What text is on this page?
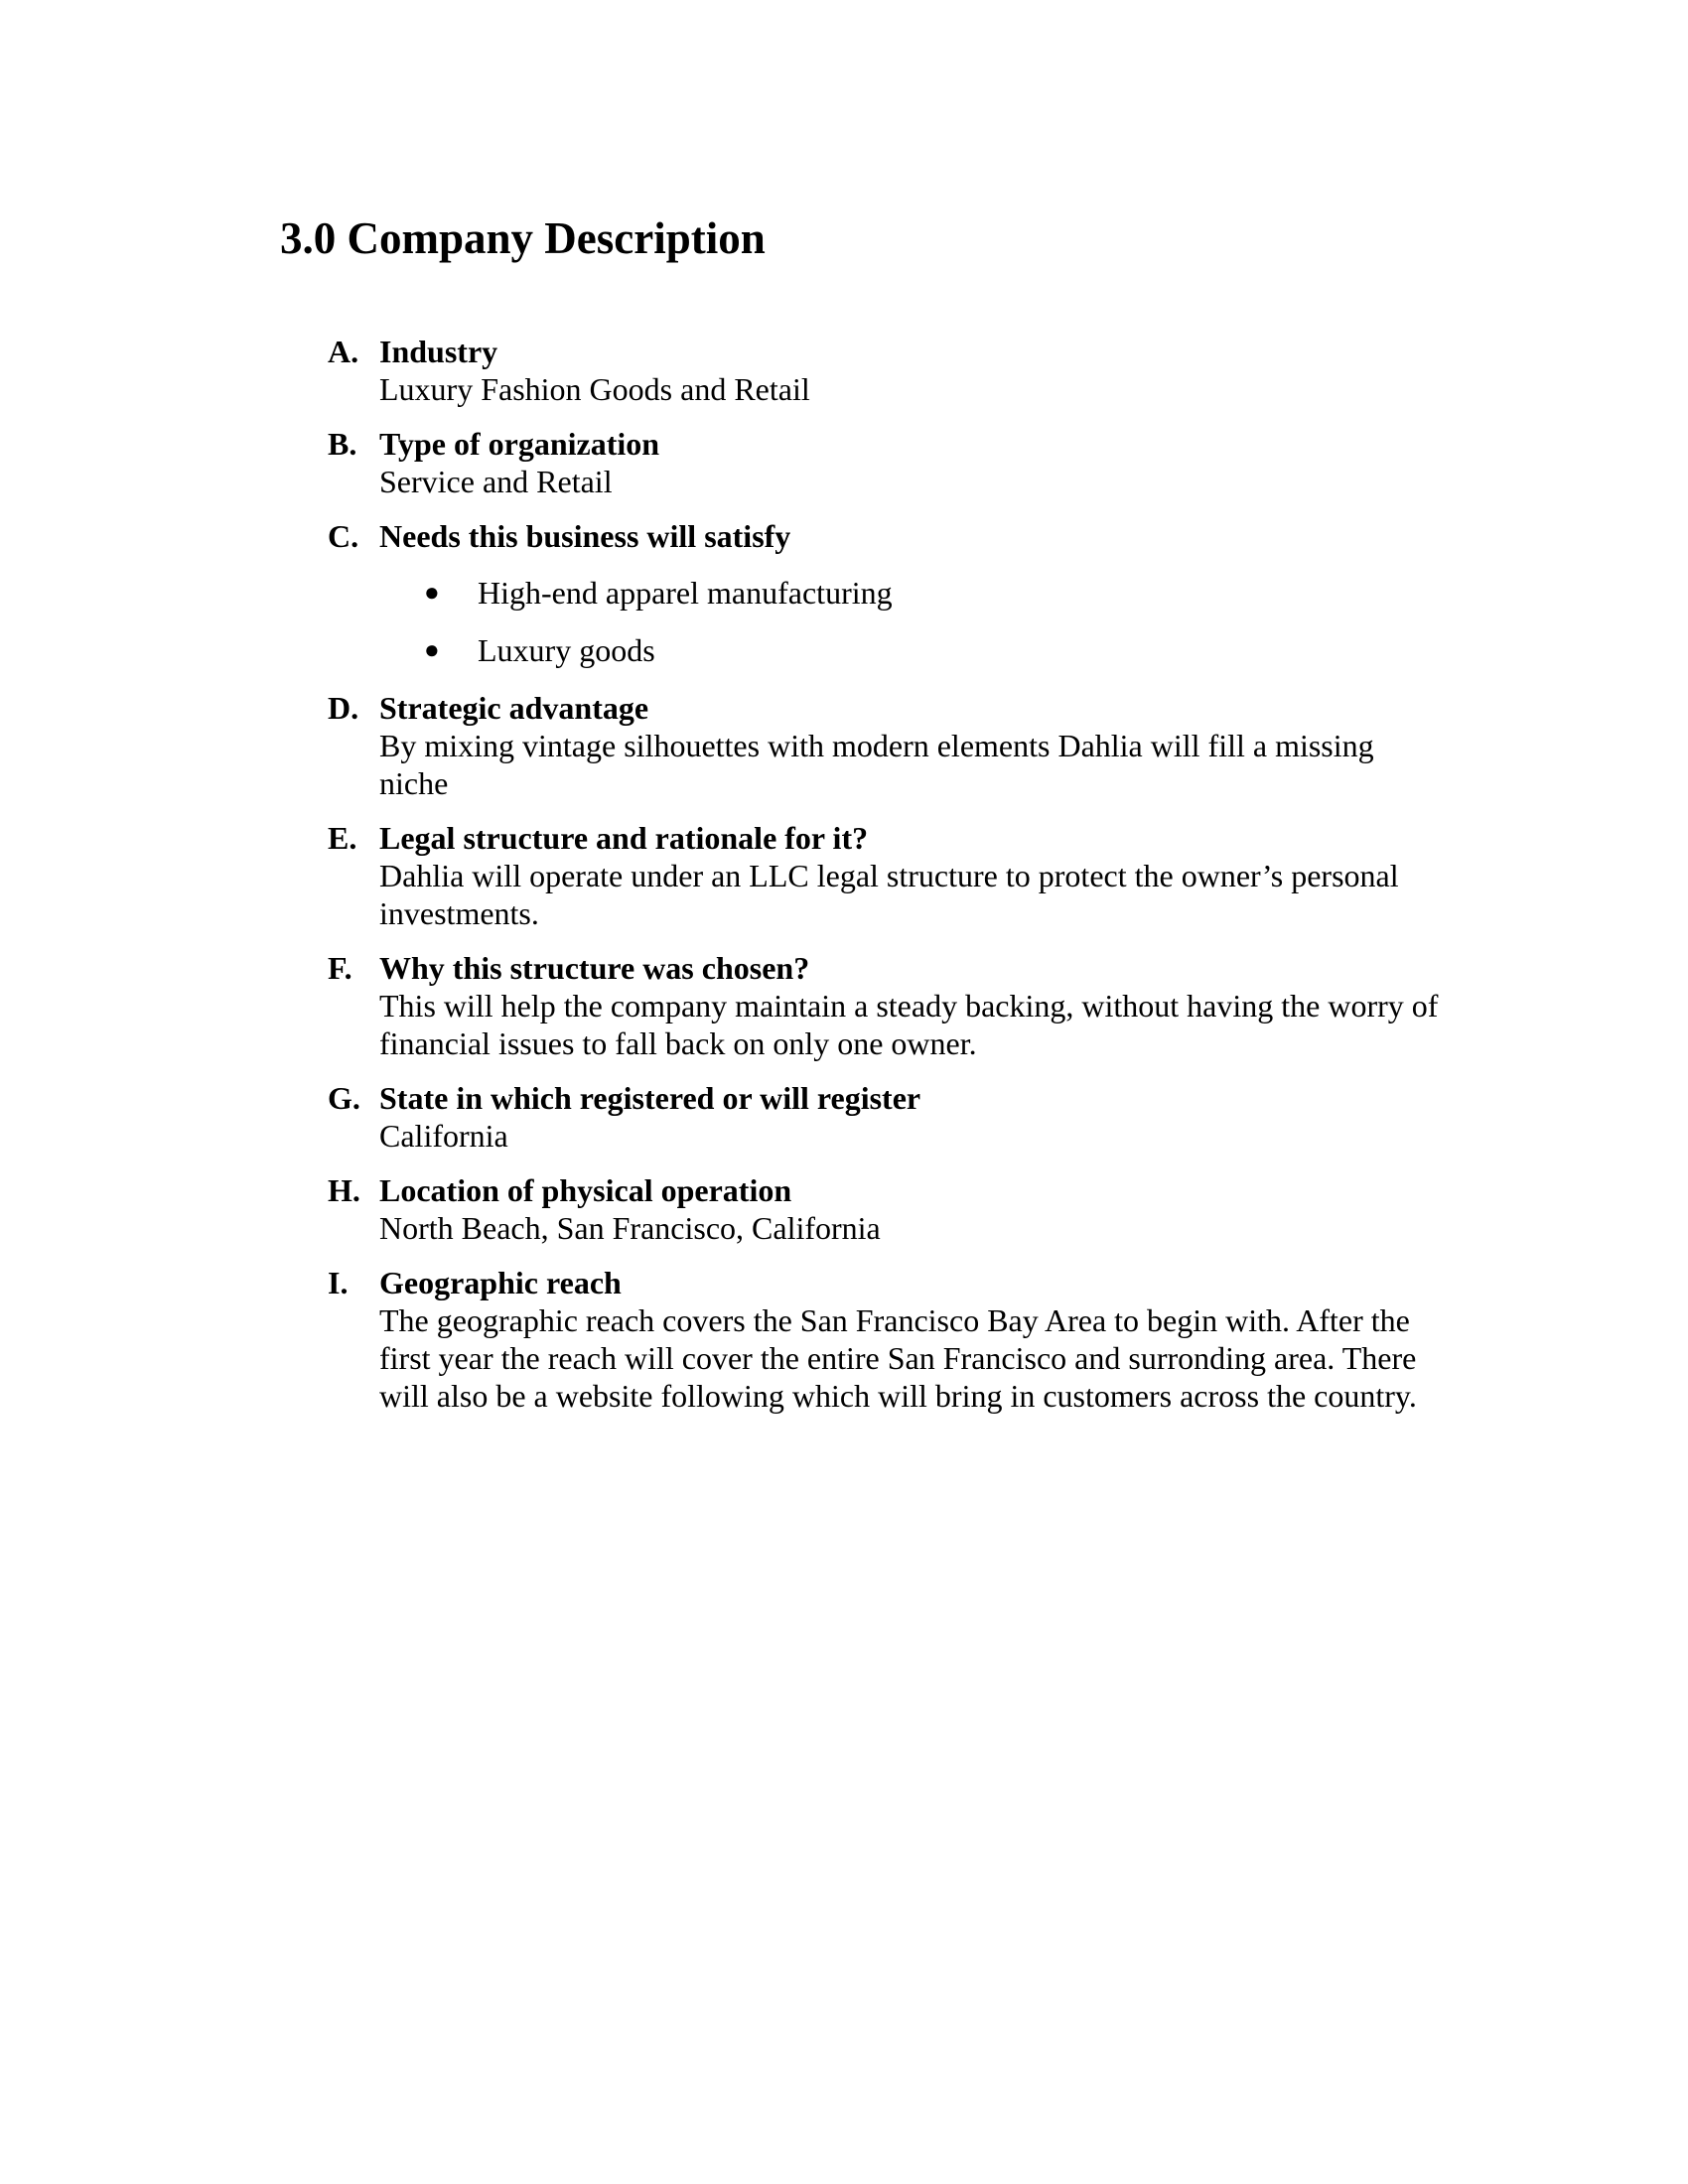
3.0 Company Description
A. Industry
Luxury Fashion Goods and Retail
B. Type of organization
Service and Retail
C. Needs this business will satisfy
● High-end apparel manufacturing
● Luxury goods
D. Strategic advantage
By mixing vintage silhouettes with modern elements Dahlia will fill a missing niche
E. Legal structure and rationale for it?
Dahlia will operate under an LLC legal structure to protect the owner’s personal investments.
F. Why this structure was chosen?
This will help the company maintain a steady backing, without having the worry of financial issues to fall back on only one owner.
G. State in which registered or will register
California
H. Location of physical operation
North Beach, San Francisco, California
I. Geographic reach
The geographic reach covers the San Francisco Bay Area to begin with. After the first year the reach will cover the entire San Francisco and surronding area. There will also be a website following which will bring in customers across the country.
